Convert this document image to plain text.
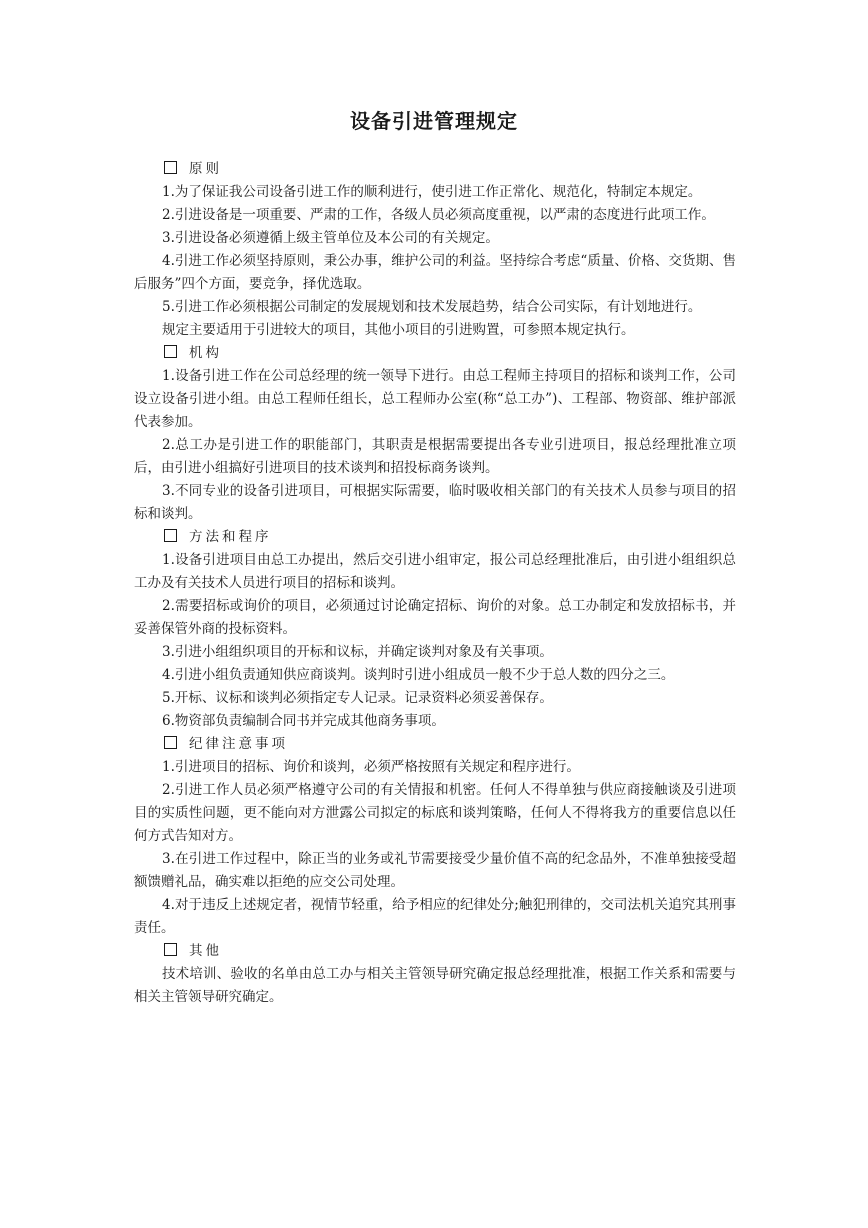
设备引进管理规定
原则

1.为了保证我公司设备引进工作的顺利进行，使引进工作正常化、规范化，特制定本规定。

2.引进设备是一项重要、严肃的工作，各级人员必须高度重视，以严肃的态度进行此项工作。

3.引进设备必须遵循上级主管单位及本公司的有关规定。

4.引进工作必须坚持原则，秉公办事，维护公司的利益。坚持综合考虑“质量、价格、交货期、售后服务”四个方面，要竞争，择优选取。

5.引进工作必须根据公司制定的发展规划和技术发展趋势，结合公司实际，有计划地进行。

规定主要适用于引进较大的项目，其他小项目的引进购置，可参照本规定执行。

机构

1.设备引进工作在公司总经理的统一领导下进行。由总工程师主持项目的招标和谈判工作，公司设立设备引进小组。由总工程师任组长，总工程师办公室(称“总工办”)、工程部、物资部、维护部派代表参加。

2.总工办是引进工作的职能部门，其职责是根据需要提出各专业引进项目，报总经理批准立项后，由引进小组搞好引进项目的技术谈判和招投标商务谈判。

3.不同专业的设备引进项目，可根据实际需要，临时吸收相关部门的有关技术人员参与项目的招标和谈判。

方法和程序

1.设备引进项目由总工办提出，然后交引进小组审定，报公司总经理批准后，由引进小组组织总工办及有关技术人员进行项目的招标和谈判。

2.需要招标或询价的项目，必须通过讨论确定招标、询价的对象。总工办制定和发放招标书，并妥善保管外商的投标资料。

3.引进小组组织项目的开标和议标，并确定谈判对象及有关事项。

4.引进小组负责通知供应商谈判。谈判时引进小组成员一般不少于总人数的四分之三。

5.开标、议标和谈判必须指定专人记录。记录资料必须妥善保存。

6.物资部负责编制合同书并完成其他商务事项。

纪律注意事项

1.引进项目的招标、询价和谈判，必须严格按照有关规定和程序进行。

2.引进工作人员必须严格遵守公司的有关情报和机密。任何人不得单独与供应商接触谈及引进项目的实质性问题，更不能向对方泄露公司拟定的标底和谈判策略，任何人不得将我方的重要信息以任何方式告知对方。

3.在引进工作过程中，除正当的业务或礼节需要接受少量价值不高的纪念品外，不准单独接受超额馈赠礼品，确实难以拒绝的应交公司处理。

4.对于违反上述规定者，视情节轻重，给予相应的纪律处分;触犯刑律的，交司法机关追究其刑事责任。

其他

技术培训、验收的名单由总工办与相关主管领导研究确定报总经理批准，根据工作关系和需要与相关主管领导研究确定。
